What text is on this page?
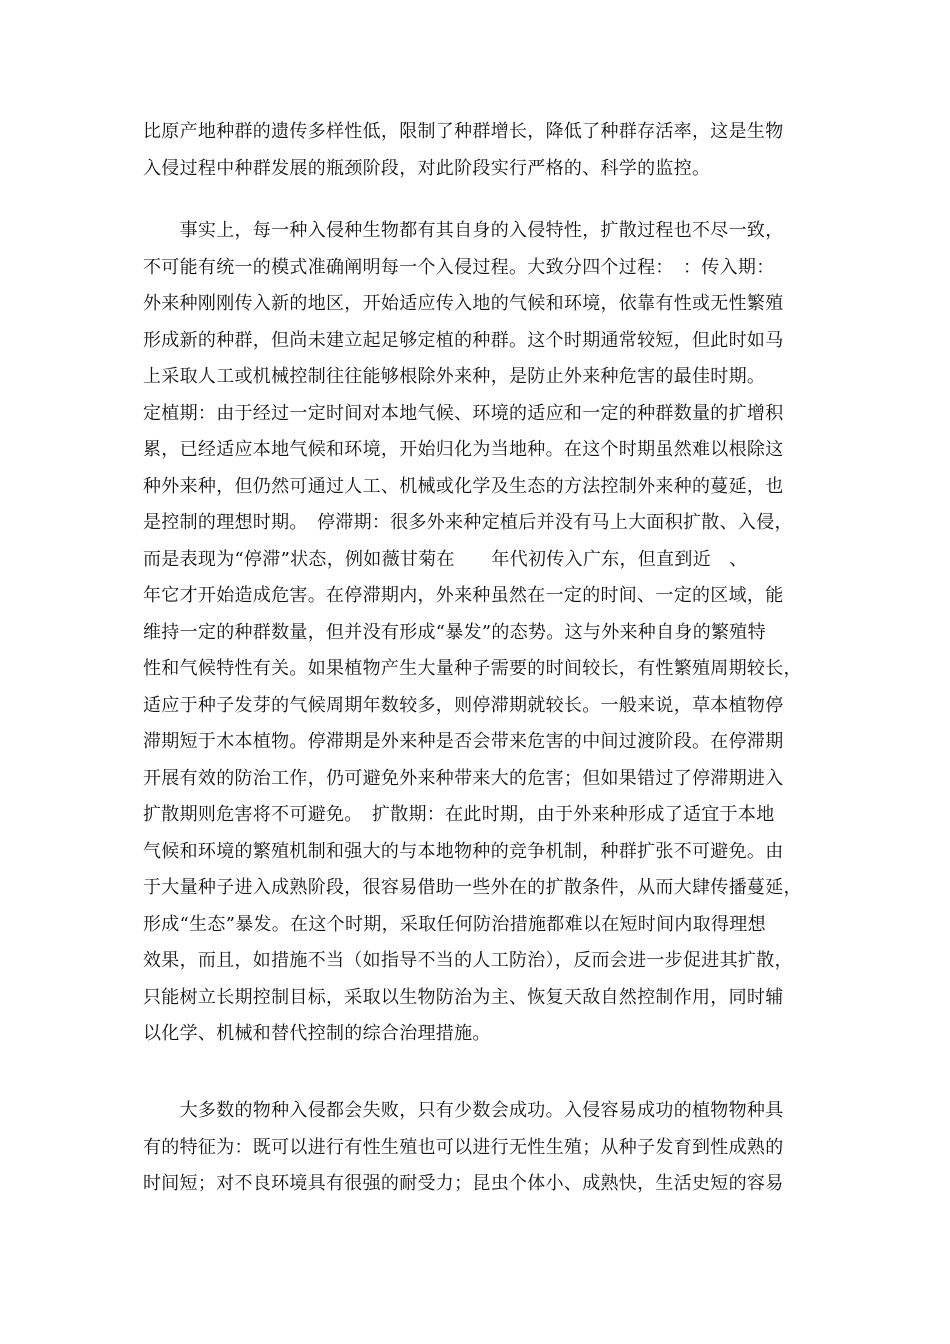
比原产地种群的遗传多样性低，限制了种群增长，降低了种群存活率，这是生物
入侵过程中种群发展的瓶颈阶段，对此阶段实行严格的、科学的监控。
　　事实上，每一种入侵种生物都有其自身的入侵特性，扩散过程也不尽一致，
不可能有统一的模式准确阐明每一个入侵过程。大致分四个过程：　：传入期：
外来种刚刚传入新的地区，开始适应传入地的气候和环境，依靠有性或无性繁殖
形成新的种群，但尚未建立起足够定植的种群。这个时期通常较短，但此时如马
上采取人工或机械控制往往能够根除外来种，是防止外来种危害的最佳时期。
定植期：由于经过一定时间对本地气候、环境的适应和一定的种群数量的扩增积
累，已经适应本地气候和环境，开始归化为当地种。在这个时期虽然难以根除这
种外来种，但仍然可通过人工、机械或化学及生态的方法控制外来种的蔓延，也
是控制的理想时期。　停滞期：很多外来种定植后并没有马上大面积扩散、入侵，
而是表现为“停滞”状态，例如薇甘菊在　　年代初传入广东，但直到近　、
年它才开始造成危害。在停滞期内，外来种虽然在一定的时间、一定的区域，能
维持一定的种群数量，但并没有形成“暴发”的态势。这与外来种自身的繁殖特
性和气候特性有关。如果植物产生大量种子需要的时间较长，有性繁殖周期较长，
适应于种子发芽的气候周期年数较多，则停滞期就较长。一般来说，草本植物停
滞期短于木本植物。停滞期是外来种是否会带来危害的中间过渡阶段。在停滞期
开展有效的防治工作，仍可避免外来种带来大的危害；但如果错过了停滞期进入
扩散期则危害将不可避免。　扩散期：在此时期，由于外来种形成了适宜于本地
气候和环境的繁殖机制和强大的与本地物种的竞争机制，种群扩张不可避免。由
于大量种子进入成熟阶段，很容易借助一些外在的扩散条件，从而大肆传播蔓延，
形成“生态”暴发。在这个时期，采取任何防治措施都难以在短时间内取得理想
效果，而且，如措施不当（如指导不当的人工防治），反而会进一步促进其扩散，
只能树立长期控制目标，采取以生物防治为主、恢复天敌自然控制作用，同时辅
以化学、机械和替代控制的综合治理措施。
　　大多数的物种入侵都会失败，只有少数会成功。入侵容易成功的植物物种具
有的特征为：既可以进行有性生殖也可以进行无性生殖；从种子发育到性成熟的
时间短；对不良环境具有很强的耐受力；昆虫个体小、成熟快，生活史短的容易
